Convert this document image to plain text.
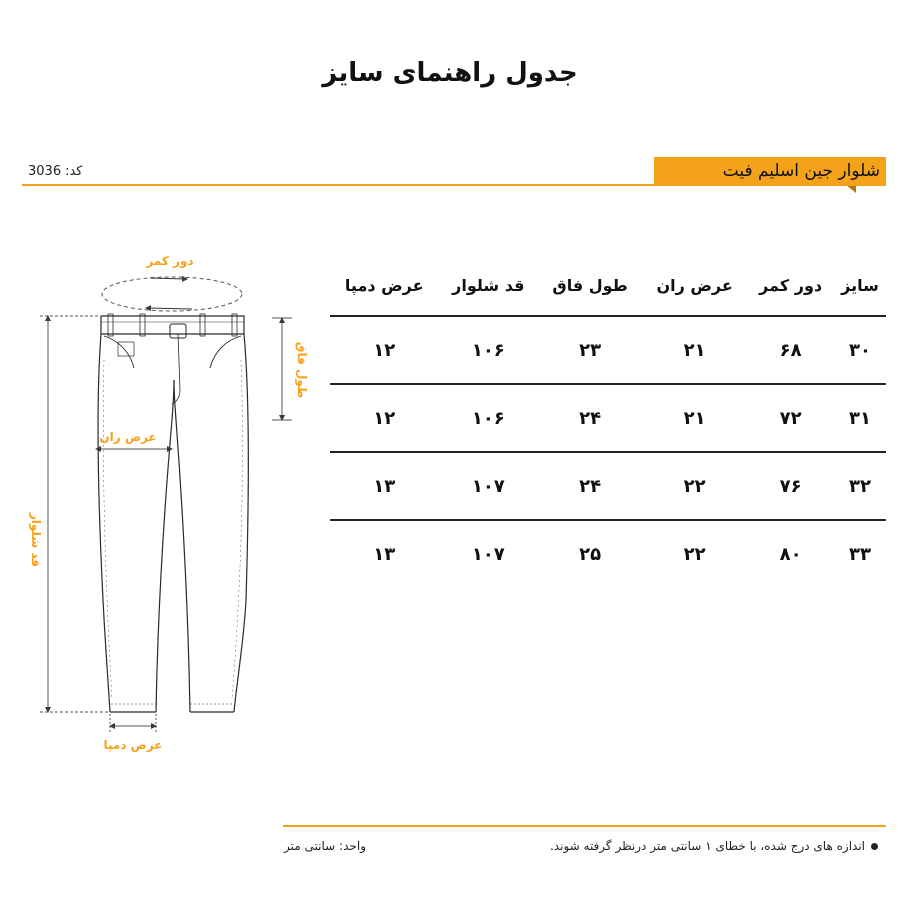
جدول راهنمای سایز
شلوار جین اسلیم فیت
کد:
3036
دور کمر
طول فاق
عرض ران
قد شلوار
عرض دمپا
سایز	دور کمر	عرض ران	طول فاق	قد شلوار	عرض دمپا
۳۰	۶۸	۲۱	۲۳	۱۰۶	۱۲
۳۱	۷۲	۲۱	۲۴	۱۰۶	۱۲
۳۲	۷۶	۲۲	۲۴	۱۰۷	۱۳
۳۳	۸۰	۲۲	۲۵	۱۰۷	۱۳
اندازه های درج شده، با خطای ۱ سانتی متر درنظر گرفته شوند.
واحد:
سانتی متر
